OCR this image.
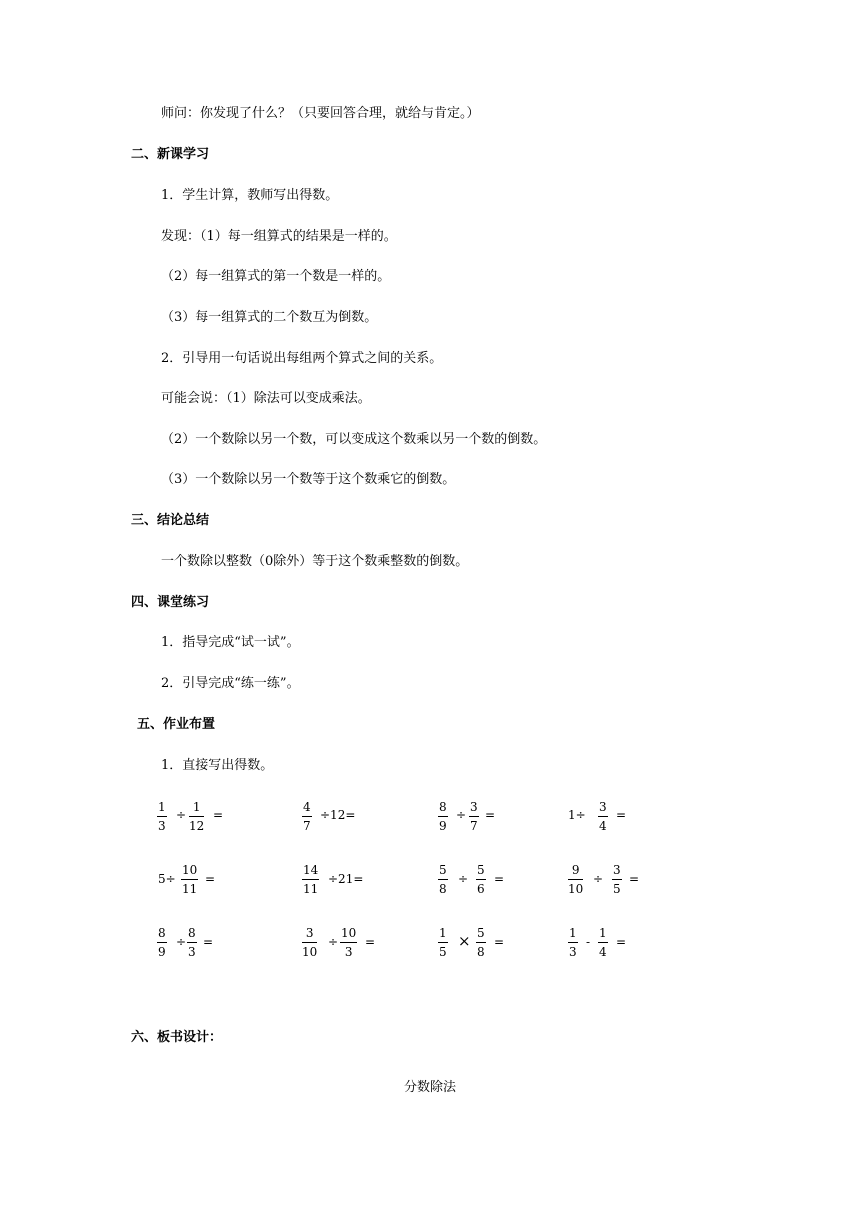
师问：你发现了什么？（只要回答合理，就给与肯定。）
二、新课学习
1．学生计算，教师写出得数。
发现：（1）每一组算式的结果是一样的。
（2）每一组算式的第一个数是一样的。
（3）每一组算式的二个数互为倒数。
2．引导用一句话说出每组两个算式之间的关系。
可能会说：（1）除法可以变成乘法。
（2）一个数除以另一个数，可以变成这个数乘以另一个数的倒数。
（3）一个数除以另一个数等于这个数乘它的倒数。
三、结论总结
一个数除以整数（0除外）等于这个数乘整数的倒数。
四、课堂练习
1．指导完成“试一试”。
2．引导完成“练一练”。
五、作业布置
1．直接写出得数。
$\frac{1}{3} \div \frac{1}{12}$ =	$\frac{4}{7} \div 12=$	$\frac{8}{9} \div \frac{3}{7}$ =	$1\div \frac{3}{4}$ =
$5\div \frac{10}{11}$ =	$\frac{14}{11} \div 21=$	$\frac{5}{8} \div \frac{5}{6}$ =	$\frac{9}{10} \div \frac{3}{5}$ =
$\frac{8}{9} \div \frac{8}{3}$ =	$\frac{3}{10} \div \frac{10}{3}$ =	$\frac{1}{5} \times \frac{5}{8}$ =	$\frac{1}{3} - \frac{1}{4}$ =
六、板书设计：
分数除法
